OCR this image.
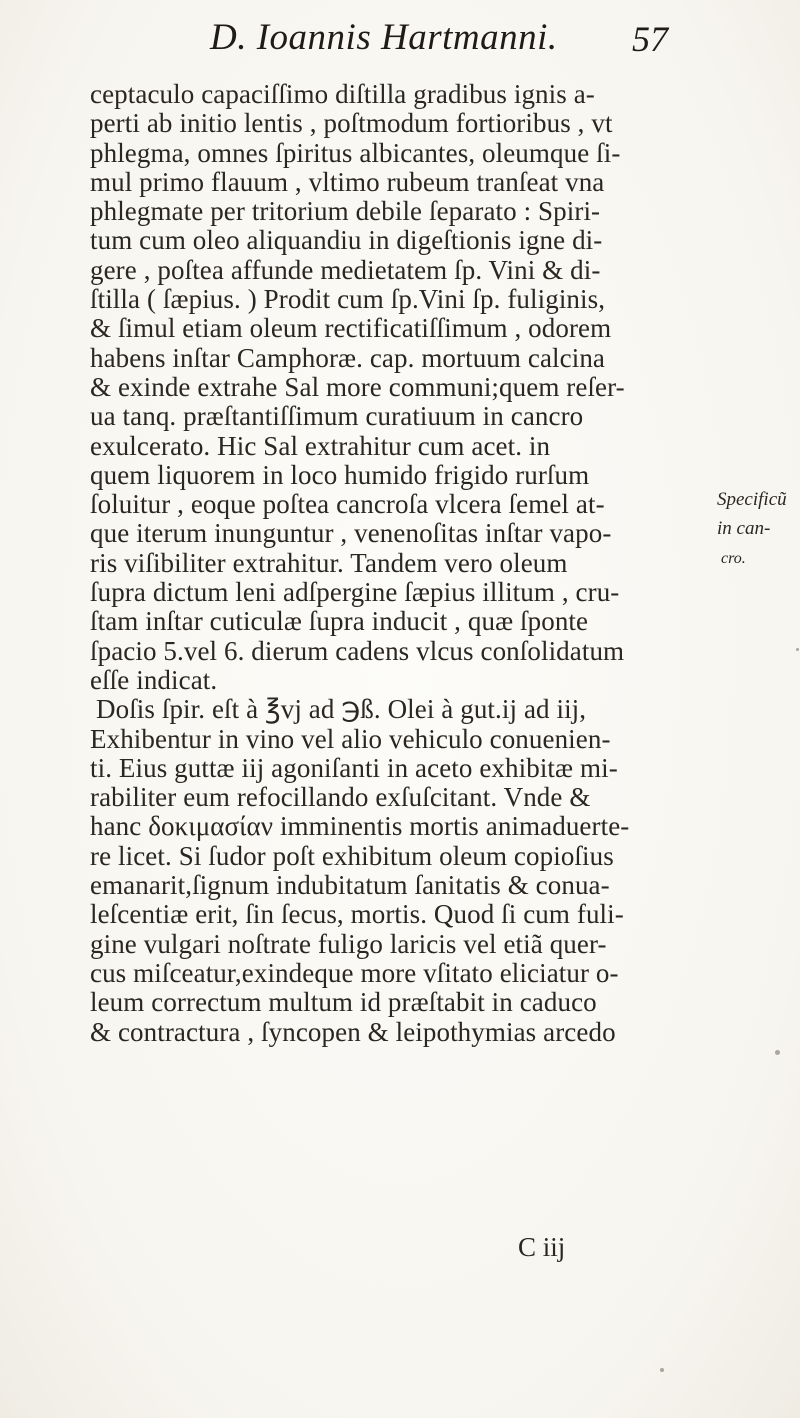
D. Ioannis Hartmanni. 57
ceptaculo capaciſſimo diſtilla gradibus ignis a-
perti ab initio lentis , poſtmodum fortioribus , vt
phlegma, omnes ſpiritus albicantes, oleumque ſi-
mul primo flauum , vltimo rubeum tranſeat vna
phlegmate per tritorium debile ſeparato : Spiri-
tum cum oleo aliquandiu in digeſtionis igne di-
gere , poſtea affunde medietatem ſp. Vini & di-
ſtilla ( ſæpius. ) Prodit cum ſp.Vini ſp. fuliginis,
& ſimul etiam oleum rectificatiſſimum , odorem
habens inſtar Camphoræ. cap. mortuum calcina
& exinde extrahe Sal more communi;quem reſer-
ua tanq. præſtantiſſimum curatiuum in cancro
exulcerato. Hic Sal extrahitur cum acet. in
quem liquorem in loco humido frigido rurſum
ſoluitur , eoque poſtea cancroſa vlcera ſemel at-
que iterum inunguntur , venenoſitas inſtar vapo-
ris viſibiliter extrahitur. Tandem vero oleum
ſupra dictum leni adſpergine ſæpius illitum , cru-
ſtam inſtar cuticulæ ſupra inducit , quæ ſponte
ſpacio 5.vel 6. dierum cadens vlcus conſolidatum
eſſe indicat.
Doſis ſpir. eſt à ℥vj ad ℈ß. Olei à gut.ij ad iij,
Exhibentur in vino vel alio vehiculo conuenien-
ti. Eius guttæ iij agoniſanti in aceto exhibitæ mi-
rabiliter eum refocillando exſuſcitant. Vnde &
hanc δοκιμασίαν imminentis mortis animaduerte-
re licet. Si ſudor poſt exhibitum oleum copioſius
emanarit,ſignum indubitatum ſanitatis & conua-
leſcentiæ erit, ſin ſecus, mortis. Quod ſi cum fuli-
gine vulgari noſtrate fuligo laricis vel etiã quer-
cus miſceatur,exindeque more vſitato eliciatur o-
leum correctum multum id præſtabit in caduco
& contractura , ſyncopen & leipothymias arcedo
Specificũ
in can-
cro.
C iij
